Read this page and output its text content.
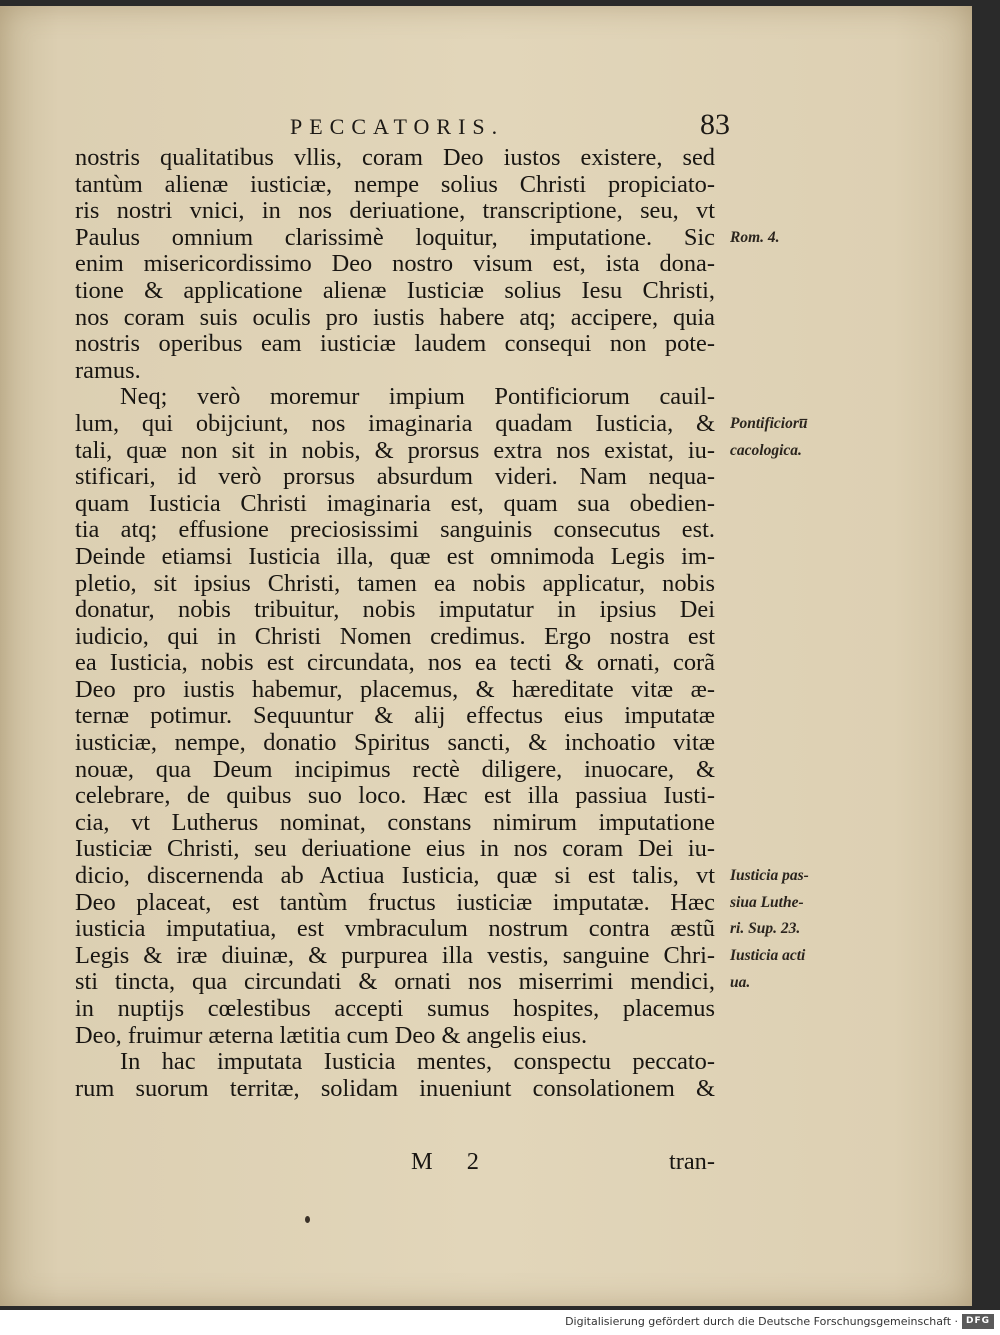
PECCATORIS.	83
nostris qualitatibus vllis, coram Deo iustos existere, sed
tantùm alienæ iusticiæ, nempe solius Christi propiciato-
ris nostri vnici, in nos deriuatione, transcriptione, seu, vt
Paulus omnium clarissimè loquitur, imputatione. Sic
enim misericordissimo Deo nostro visum est, ista dona-
tione & applicatione alienæ Iusticiæ solius Iesu Christi,
nos coram suis oculis pro iustis habere atq; accipere, quia
nostris operibus eam iusticiæ laudem consequi non pote-
ramus.
Neq; verò moremur impium Pontificiorum cauil-
lum, qui obijciunt, nos imaginaria quadam Iusticia, &
tali, quæ non sit in nobis, & prorsus extra nos existat, iu-
stificari, id verò prorsus absurdum videri. Nam nequa-
quam Iusticia Christi imaginaria est, quam sua obedien-
tia atq; effusione preciosissimi sanguinis consecutus est.
Deinde etiamsi Iusticia illa, quæ est omnimoda Legis im-
pletio, sit ipsius Christi, tamen ea nobis applicatur, nobis
donatur, nobis tribuitur, nobis imputatur in ipsius Dei
iudicio, qui in Christi Nomen credimus. Ergo nostra est
ea Iusticia, nobis est circundata, nos ea tecti & ornati, corã
Deo pro iustis habemur, placemus, & hæreditate vitæ æ-
ternæ potimur. Sequuntur & alij effectus eius imputatæ
iusticiæ, nempe, donatio Spiritus sancti, & inchoatio vitæ
nouæ, qua Deum incipimus rectè diligere, inuocare, &
celebrare, de quibus suo loco. Hæc est illa passiua Iusti-
cia, vt Lutherus nominat, constans nimirum imputatione
Iusticiæ Christi, seu deriuatione eius in nos coram Dei iu-
dicio, discernenda ab Actiua Iusticia, quæ si est talis, vt
Deo placeat, est tantùm fructus iusticiæ imputatæ. Hæc
iusticia imputatiua, est vmbraculum nostrum contra æstũ
Legis & iræ diuinæ, & purpurea illa vestis, sanguine Chri-
sti tincta, qua circundati & ornati nos miserrimi mendici,
in nuptijs cœlestibus accepti sumus hospites, placemus
Deo, fruimur æterna lætitia cum Deo & angelis eius.
In hac imputata Iusticia mentes, conspectu peccato-
rum suorum territæ, solidam inueniunt consolationem &
Rom. 4.
Pontificioru̅
cacologica.
Iusticia pas-
siua Luthe-
ri. Sup. 23.
Iusticia acti
ua.
M 2	tran-
Digitalisierung gefördert durch die Deutsche Forschungsgemeinschaft · DFG
